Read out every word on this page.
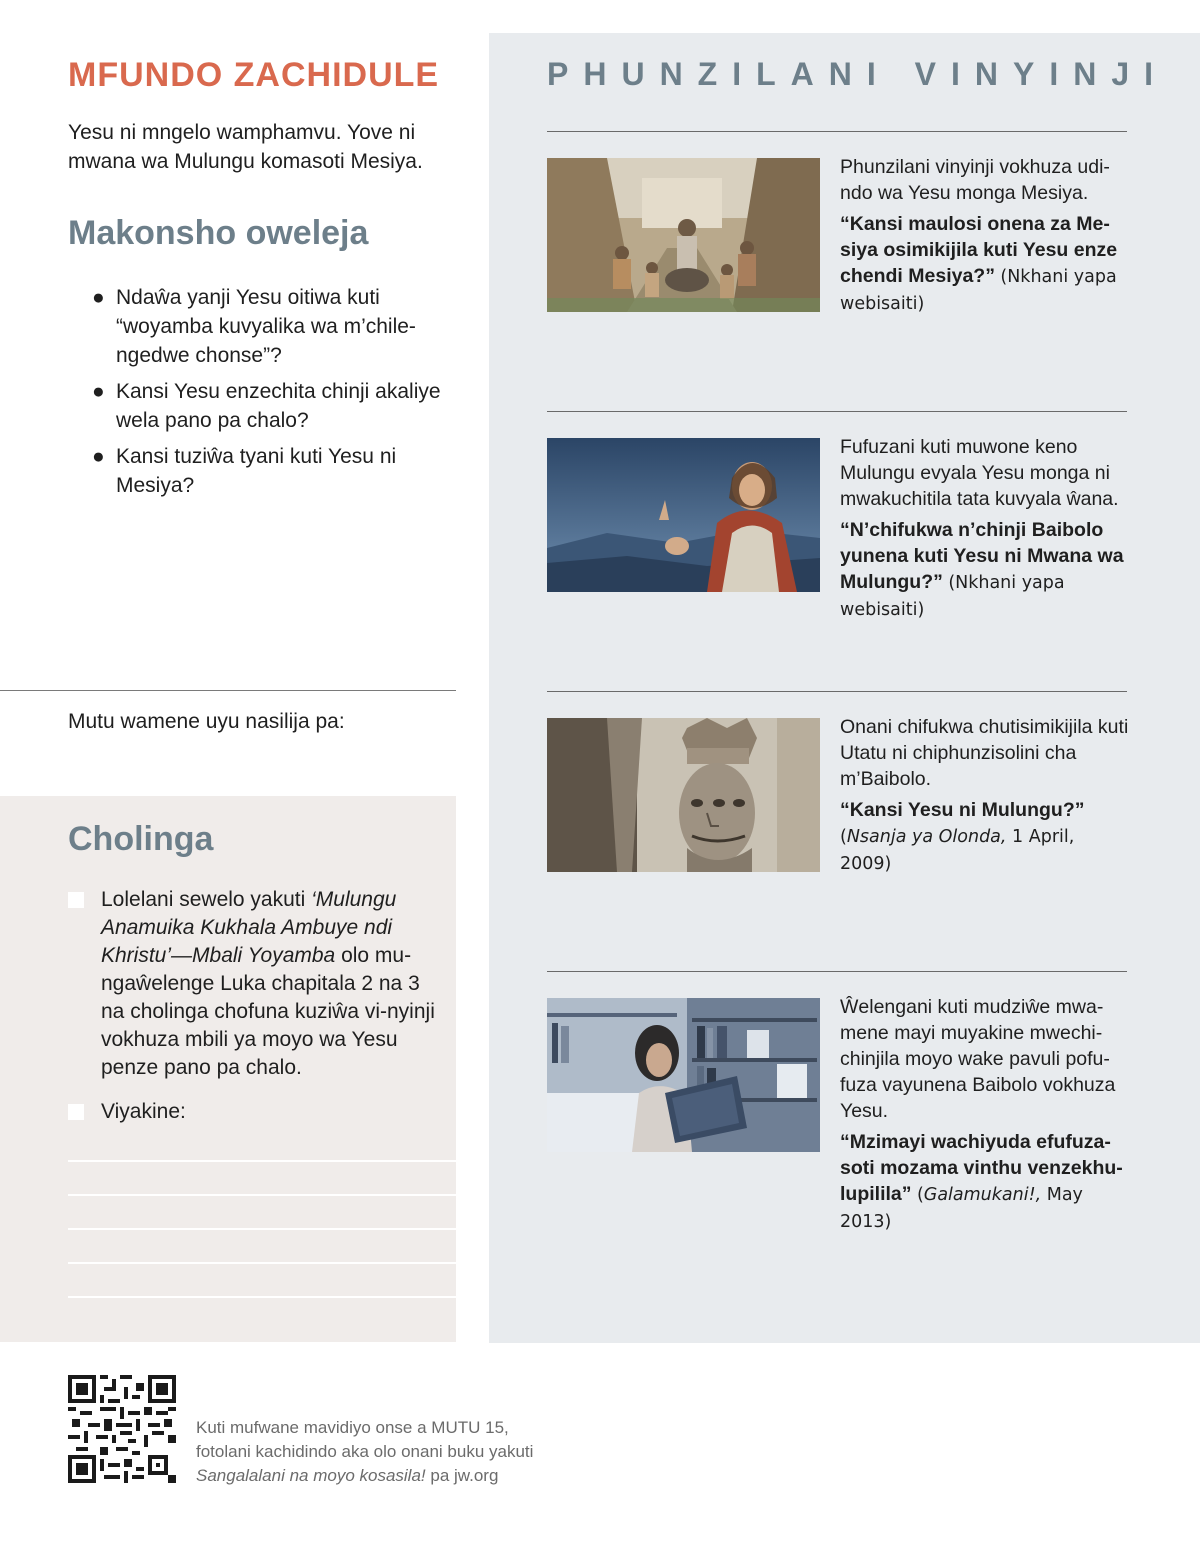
MFUNDO ZACHIDULE

Yesu ni mngelo wamphamvu. Yove ni mwana wa Mulungu komasoti Mesiya.

Makonsho oweleja
● Ndaŵa yanji Yesu oitiwa kuti “woyamba kuvyalika wa m’chile-ngedwe chonse”?
● Kansi Yesu enzechita chinji akaliye wela pano pa chalo?
● Kansi tuziŵa tyani kuti Yesu ni Mesiya?

Mutu wamene uyu nasilija pa:

Cholinga
Lolelani sewelo yakuti ‘Mulungu Anamuika Kukhala Ambuye ndi Khristu’—Mbali Yoyamba olo mu-ngaŵelenge Luka chapitala 2 na 3 na cholinga chofuna kuziŵa vi-nyinji vokhuza mbili ya moyo wa Yesu penze pano pa chalo.
Viyakine:
PHUNZILANI VINYINJI

Phunzilani vinyinji vokhuza udi-ndo wa Yesu monga Mesiya.

“Kansi maulosi onena za Me-siya osimikijila kuti Yesu enze chendi Mesiya?” (Nkhani yapa webisaiti)

Fufuzani kuti muwone keno Mulungu evyala Yesu monga ni mwakuchitila tata kuvyala ŵana.

“N’chifukwa n’chinji Baibolo yunena kuti Yesu ni Mwana wa Mulungu?” (Nkhani yapa webisaiti)

Onani chifukwa chutisimikijila kuti Utatu ni chiphunzisolini cha m’Baibolo.

“Kansi Yesu ni Mulungu?”
(Nsanja ya Olonda, 1 April, 2009)

Ŵelengani kuti mudziŵe mwa-mene mayi muyakine mwechi-chinjila moyo wake pavuli pofu-fuza vayunena Baibolo vokhuza Yesu.

“Mzimayi wachiyuda efufuza-soti mozama vinthu venzekhu-lupilila” (Galamukani!, May 2013)

Kuti mufwane mavidiyo onse a MUTU 15,
fotolani kachidindo aka olo onani buku yakuti
Sangalalani na moyo kosasila! pa jw.org
